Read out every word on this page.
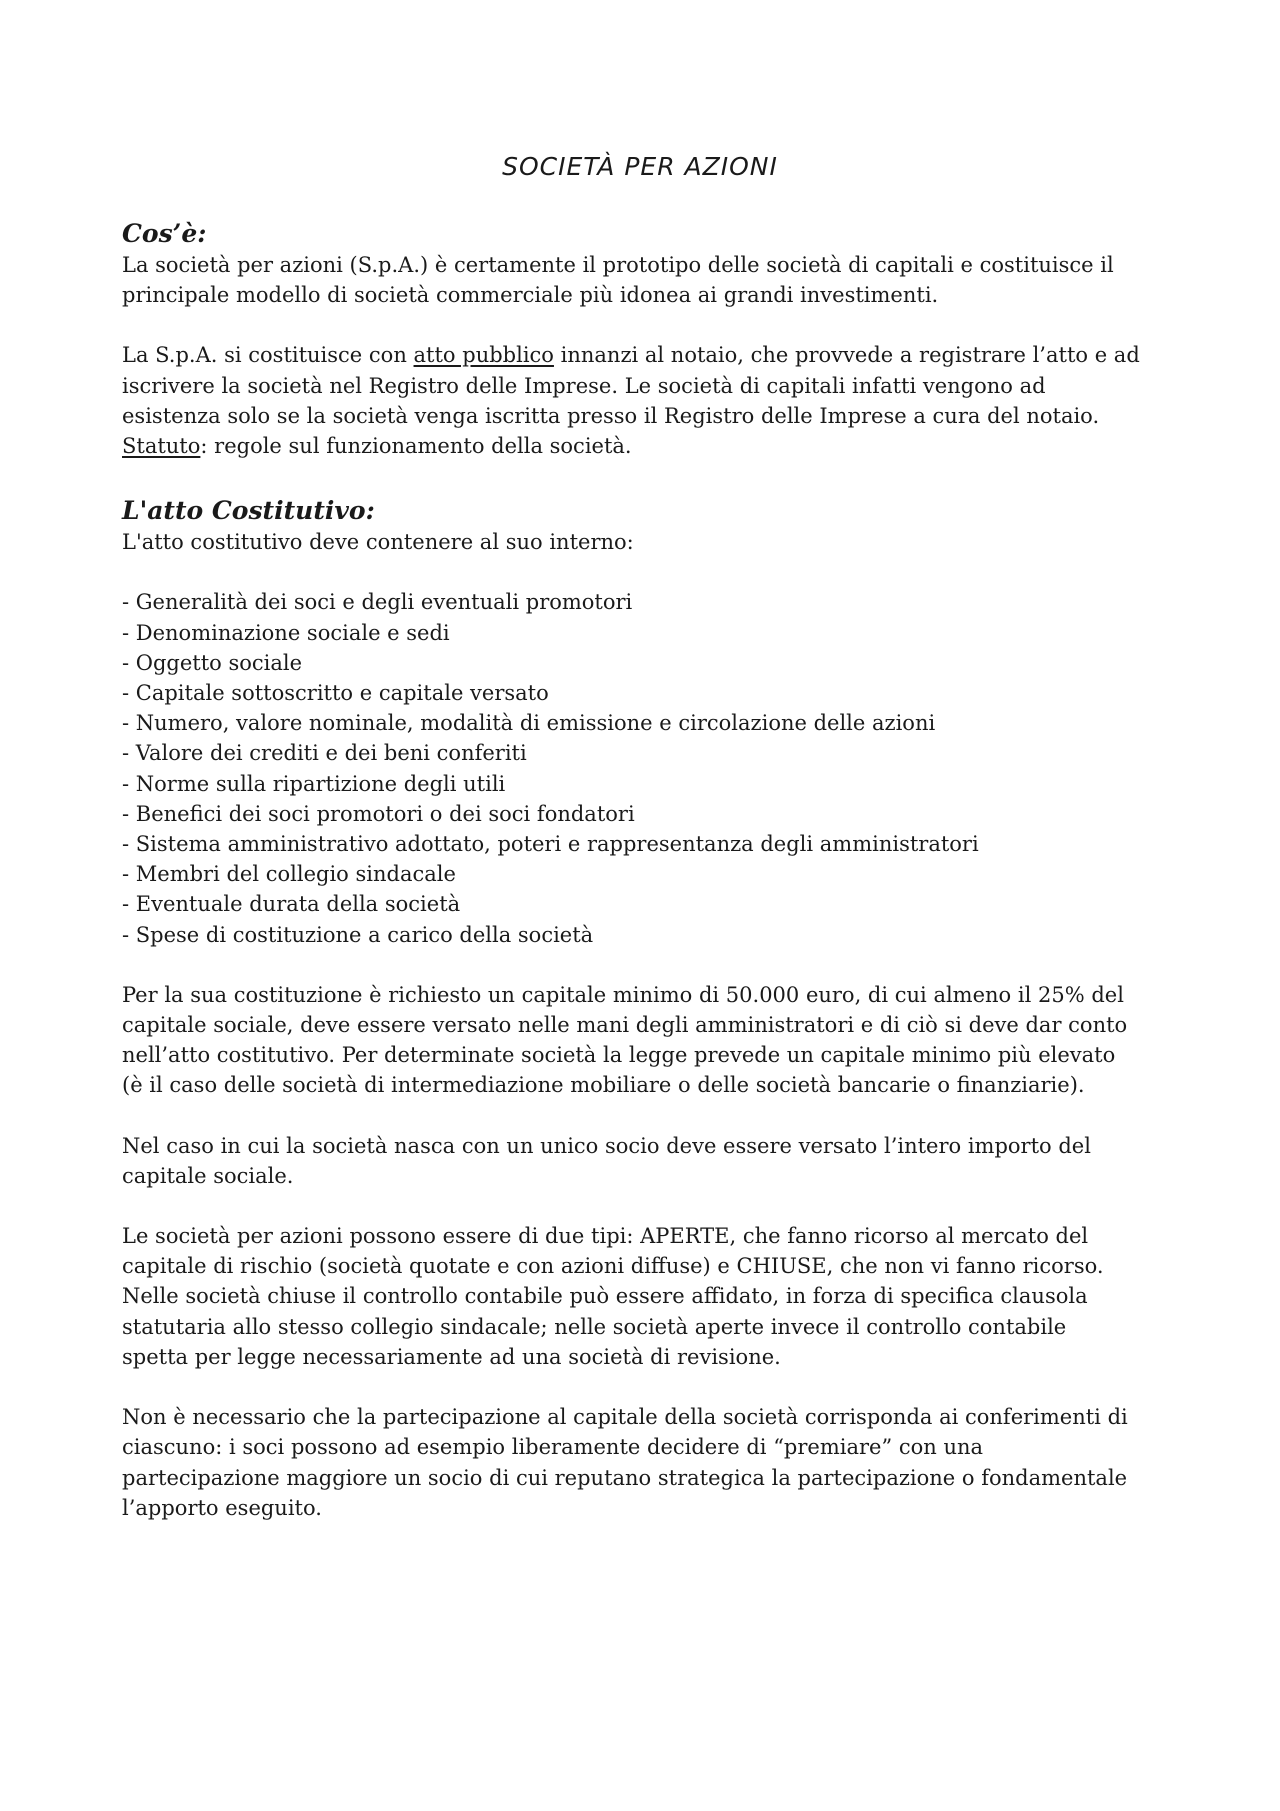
SOCIETÀ PER AZIONI
Cos’è:

La società per azioni (S.p.A.) è certamente il prototipo delle società di capitali e costituisce il
principale modello di società commerciale più idonea ai grandi investimenti.

La S.p.A. si costituisce con atto pubblico innanzi al notaio, che provvede a registrare l’atto e ad
iscrivere la società nel Registro delle Imprese. Le società di capitali infatti vengono ad
esistenza solo se la società venga iscritta presso il Registro delle Imprese a cura del notaio.
Statuto: regole sul funzionamento della società.

L'atto Costitutivo:

L'atto costitutivo deve contenere al suo interno:

- Generalità dei soci e degli eventuali promotori
- Denominazione sociale e sedi
- Oggetto sociale
- Capitale sottoscritto e capitale versato
- Numero, valore nominale, modalità di emissione e circolazione delle azioni
- Valore dei crediti e dei beni conferiti
- Norme sulla ripartizione degli utili
- Benefici dei soci promotori o dei soci fondatori
- Sistema amministrativo adottato, poteri e rappresentanza degli amministratori
- Membri del collegio sindacale
- Eventuale durata della società
- Spese di costituzione a carico della società

Per la sua costituzione è richiesto un capitale minimo di 50.000 euro, di cui almeno il 25% del
capitale sociale, deve essere versato nelle mani degli amministratori e di ciò si deve dar conto
nell’atto costitutivo. Per determinate società la legge prevede un capitale minimo più elevato
(è il caso delle società di intermediazione mobiliare o delle società bancarie o finanziarie).

Nel caso in cui la società nasca con un unico socio deve essere versato l’intero importo del
capitale sociale.

Le società per azioni possono essere di due tipi: APERTE, che fanno ricorso al mercato del
capitale di rischio (società quotate e con azioni diffuse) e CHIUSE, che non vi fanno ricorso.
Nelle società chiuse il controllo contabile può essere affidato, in forza di specifica clausola
statutaria allo stesso collegio sindacale; nelle società aperte invece il controllo contabile
spetta per legge necessariamente ad una società di revisione.

Non è necessario che la partecipazione al capitale della società corrisponda ai conferimenti di
ciascuno: i soci possono ad esempio liberamente decidere di “premiare” con una
partecipazione maggiore un socio di cui reputano strategica la partecipazione o fondamentale
l’apporto eseguito.
